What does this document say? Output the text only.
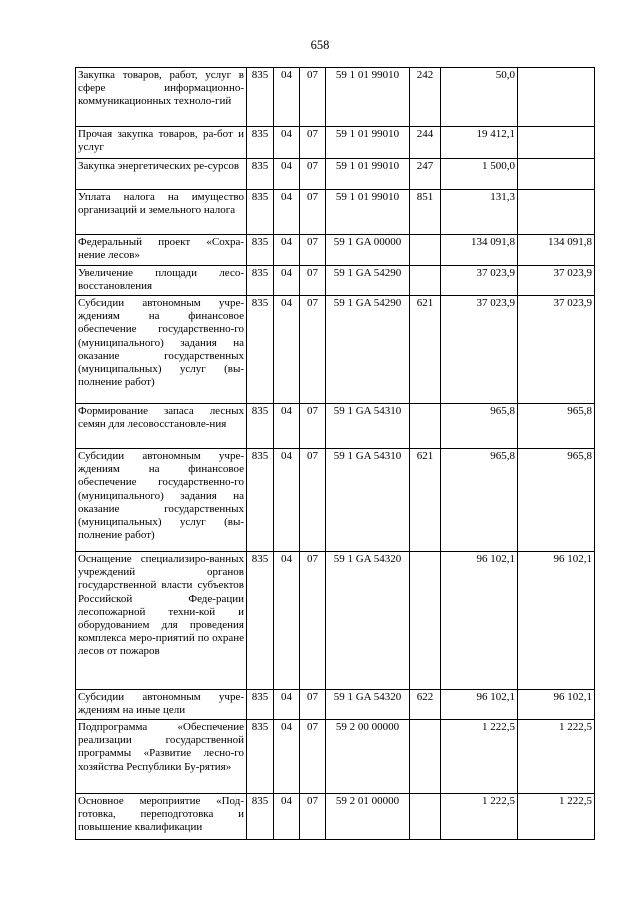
658
Закупка товаров, работ, услуг в сфере информационно-коммуникационных техноло-гий	835	04	07	59 1 01 99010	242	50,0	
Прочая закупка товаров, ра-бот и услуг	835	04	07	59 1 01 99010	244	19 412,1	
Закупка энергетических ре-сурсов	835	04	07	59 1 01 99010	247	1 500,0	
Уплата налога на имущество организаций и земельного налога	835	04	07	59 1 01 99010	851	131,3	
Федеральный проект «Сохра-нение лесов»	835	04	07	59 1 GA 00000		134 091,8	134 091,8
Увеличение площади лесо-восстановления	835	04	07	59 1 GA 54290		37 023,9	37 023,9
Субсидии автономным учре-ждениям на финансовое обеспечение государственно-го (муниципального) задания на оказание государственных (муниципальных) услуг (вы-полнение работ)	835	04	07	59 1 GA 54290	621	37 023,9	37 023,9
Формирование запаса лесных семян для лесовосстановле-ния	835	04	07	59 1 GA 54310		965,8	965,8
Субсидии автономным учре-ждениям на финансовое обеспечение государственно-го (муниципального) задания на оказание государственных (муниципальных) услуг (вы-полнение работ)	835	04	07	59 1 GA 54310	621	965,8	965,8
Оснащение специализиро-ванных учреждений органов государственной власти субъектов Российской Феде-рации лесопожарной техни-кой и оборудованием для проведения комплекса меро-приятий по охране лесов от пожаров	835	04	07	59 1 GA 54320		96 102,1	96 102,1
Субсидии автономным учре-ждениям на иные цели	835	04	07	59 1 GA 54320	622	96 102,1	96 102,1
Подпрограмма «Обеспечение реализации государственной программы «Развитие лесно-го хозяйства Республики Бу-рятия»	835	04	07	59 2 00 00000		1 222,5	1 222,5
Основное мероприятие «Под-готовка, переподготовка и повышение квалификации	835	04	07	59 2 01 00000		1 222,5	1 222,5
